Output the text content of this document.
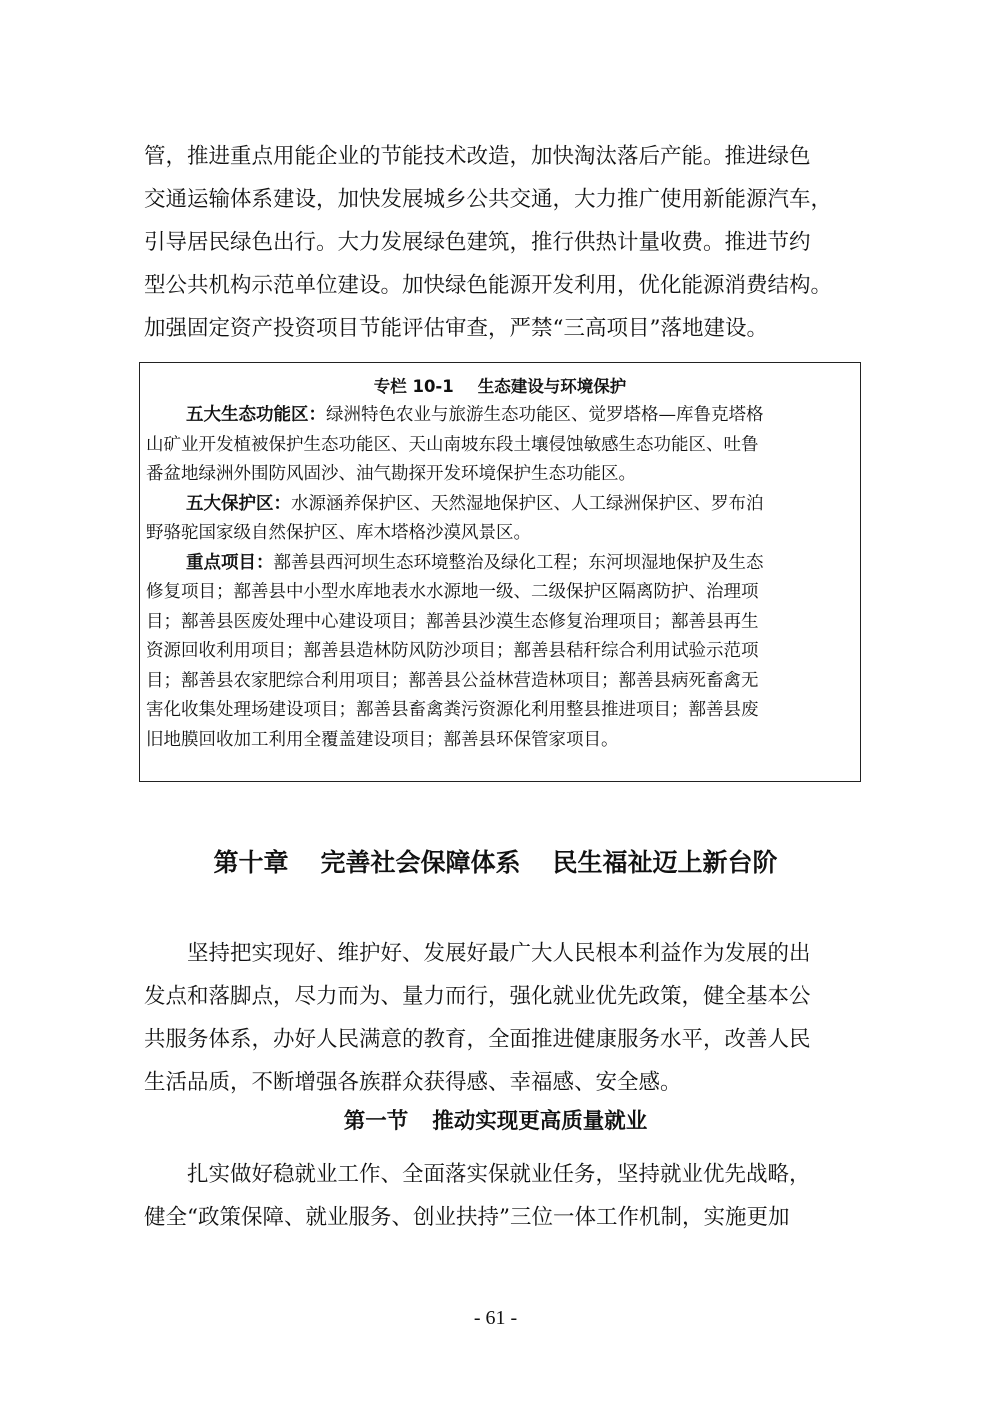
管，推进重点用能企业的节能技术改造，加快淘汰落后产能。推进绿色
交通运输体系建设，加快发展城乡公共交通，大力推广使用新能源汽车，
引导居民绿色出行。大力发展绿色建筑，推行供热计量收费。推进节约
型公共机构示范单位建设。加快绿色能源开发利用，优化能源消费结构。
加强固定资产投资项目节能评估审查，严禁“三高项目”落地建设。
专栏 10-1 生态建设与环境保护
五大生态功能区：绿洲特色农业与旅游生态功能区、觉罗塔格—库鲁克塔格
山矿业开发植被保护生态功能区、天山南坡东段土壤侵蚀敏感生态功能区、吐鲁
番盆地绿洲外围防风固沙、油气勘探开发环境保护生态功能区。
五大保护区：水源涵养保护区、天然湿地保护区、人工绿洲保护区、罗布泊
野骆驼国家级自然保护区、库木塔格沙漠风景区。
重点项目：鄯善县西河坝生态环境整治及绿化工程；东河坝湿地保护及生态
修复项目；鄯善县中小型水库地表水水源地一级、二级保护区隔离防护、治理项
目；鄯善县医废处理中心建设项目；鄯善县沙漠生态修复治理项目；鄯善县再生
资源回收利用项目；鄯善县造林防风防沙项目；鄯善县秸秆综合利用试验示范项
目；鄯善县农家肥综合利用项目；鄯善县公益林营造林项目；鄯善县病死畜禽无
害化收集处理场建设项目；鄯善县畜禽粪污资源化利用整县推进项目；鄯善县废
旧地膜回收加工利用全覆盖建设项目；鄯善县环保管家项目。
第十章 完善社会保障体系 民生福祉迈上新台阶
坚持把实现好、维护好、发展好最广大人民根本利益作为发展的出
发点和落脚点，尽力而为、量力而行，强化就业优先政策，健全基本公
共服务体系，办好人民满意的教育，全面推进健康服务水平，改善人民
生活品质，不断增强各族群众获得感、幸福感、安全感。
第一节 推动实现更高质量就业
扎实做好稳就业工作、全面落实保就业任务，坚持就业优先战略，
健全“政策保障、就业服务、创业扶持”三位一体工作机制，实施更加
- 61 -
